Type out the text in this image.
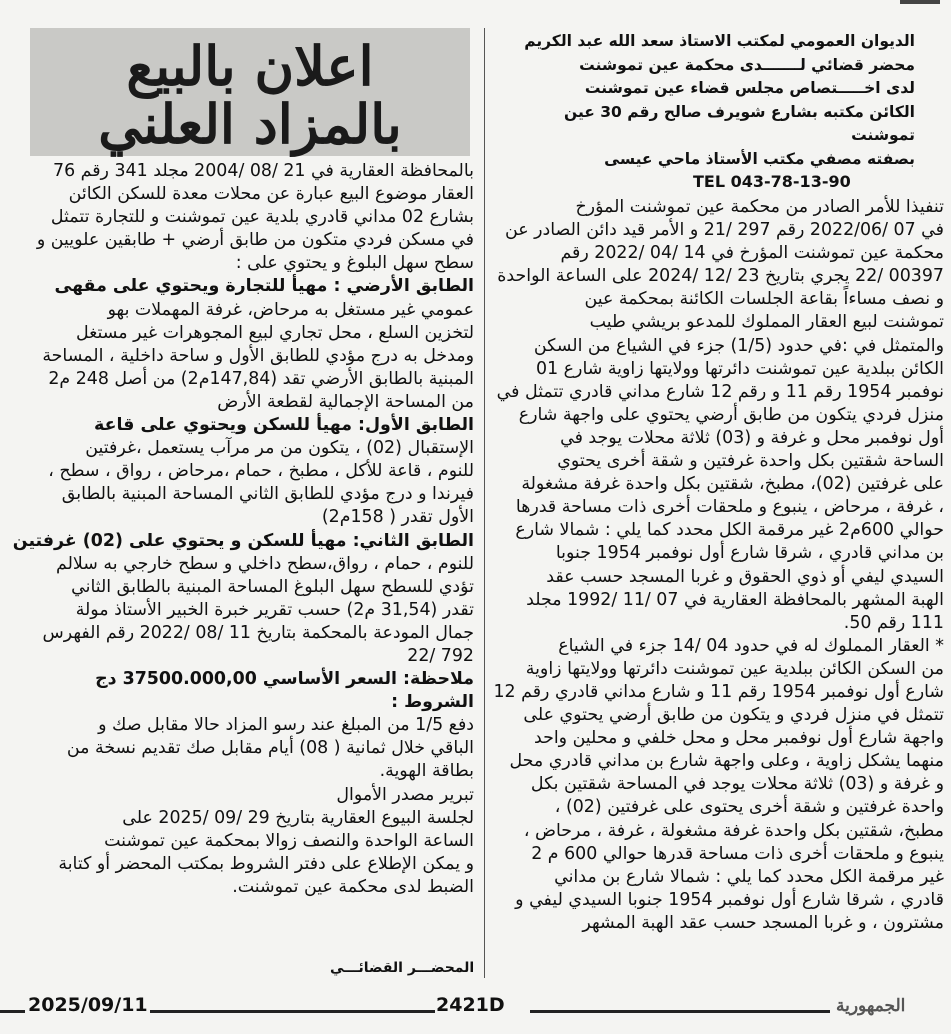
الديوان العمومي لمكتب الاستاذ سعد الله عبد الكريم
محضر قضائي لـــــــدى محكمة عين تموشنت
لدى اخـــــتصاص مجلس قضاء عين تموشنت
الكائن مكتبه بشارع شويرف صالح رقم 30 عين تموشنت
بصفته مصفي مكتب الأستاذ ماحي عيسى
TEL 043-78-13-90
تنفيذا للأمر الصادر من محكمة عين تموشنت المؤرخ
في 07 /2022/06 رقم 297 /21 و الأمر قيد دائن الصادر عن
محكمة عين تموشنت المؤرخ في 14 /04 /2022 رقم
00397 /22 يجري بتاريخ 23 /12 /2024 على الساعة الواحدة
و نصف مساءاً بقاعة الجلسات الكائنة بمحكمة عين
تموشنت لبيع العقار المملوك للمدعو بريشي طيب
والمتمثل في :في حدود (1/5) جزء في الشياع من السكن
الكائن ببلدية عين تموشنت دائرتها وولايتها زاوية شارع 01
نوفمبر 1954 رقم 11 و رقم 12 شارع مداني قادري تتمثل في
منزل فردي يتكون من طابق أرضي يحتوي على واجهة شارع
أول نوفمبر محل و غرفة و (03) ثلاثة محلات يوجد في
الساحة شقتين بكل واحدة غرفتين و شقة أخرى يحتوي
على غرفتين (02)، مطبخ، شقتين بكل واحدة غرفة مشغولة
، غرفة ، مرحاض ، ينبوع و ملحقات أخرى ذات مساحة قدرها
حوالي 600م2 غير مرقمة الكل محدد كما يلي : شمالا شارع
بن مداني قادري ، شرقا شارع أول نوفمبر 1954 جنوبا
السيدي ليفي أو ذوي الحقوق و غربا المسجد حسب عقد
الهبة المشهر بالمحافظة العقارية في 07 /11 /1992 مجلد
111 رقم 50.
* العقار المملوك له في حدود 04 /14 جزء في الشياع
من السكن الكائن ببلدية عين تموشنت دائرتها وولايتها زاوية
شارع أول نوفمبر 1954 رقم 11 و شارع مداني قادري رقم 12
تتمثل في منزل فردي و يتكون من طابق أرضي يحتوي على
واجهة شارع أول نوفمبر محل و محل خلفي و محلين واحد
منهما يشكل زاوية ، وعلى واجهة شارع بن مداني قادري محل
و غرفة و (03) ثلاثة محلات يوجد في المساحة شقتين بكل
واحدة غرفتين و شقة أخرى يحتوى على غرفتين (02) ،
مطبخ، شقتين بكل واحدة غرفة مشغولة ، غرفة ، مرحاض ،
ينبوع و ملحقات أخرى ذات مساحة قدرها حوالي 600 م 2
غير مرقمة الكل محدد كما يلي : شمالا شارع بن مداني
قادري ، شرقا شارع أول نوفمبر 1954 جنوبا السيدي ليفي و
مشترون ، و غربا المسجد حسب عقد الهبة المشهر
اعلان بالبيع
بالمزاد العلني
بالمحافظة العقارية في 21 /08 /2004 مجلد 341 رقم 76
العقار موضوع البيع عبارة عن محلات معدة للسكن الكائن
بشارع 02 مداني قادري بلدية عين تموشنت و للتجارة تتمثل
في مسكن فردي متكون من طابق أرضي + طابقين علويين و
سطح سهل البلوغ و يحتوي على :
الطابق الأرضي : مهيأ للتجارة ويحتوي على مقهى
عمومي غير مستغل به مرحاض، غرفة المهملات بهو
لتخزين السلع ، محل تجاري لبيع المجوهرات غير مستغل
ومدخل به درج مؤدي للطابق الأول و ساحة داخلية ، المساحة
المبنية بالطابق الأرضي تقد (147,84م2) من أصل 248 م2
من المساحة الإجمالية لقطعة الأرض
الطابق الأول: مهيأ للسكن ويحتوي على قاعة
الإستقبال (02) ، يتكون من مر مرآب يستعمل ،غرفتين
للنوم ، قاعة للأكل ، مطبخ ، حمام ،مرحاض ، رواق ، سطح ،
فيرندا و درج مؤدي للطابق الثاني المساحة المبنية بالطابق
الأول تقدر ( 158م2)
الطابق الثاني: مهيأ للسكن و يحتوي على (02) غرفتين
للنوم ، حمام ، رواق،سطح داخلي و سطح خارجي به سلالم
تؤدي للسطح سهل البلوغ المساحة المبنية بالطابق الثاني
تقدر (31,54 م2) حسب تقرير خبرة الخبير الأستاذ مولة
جمال المودعة بالمحكمة بتاريخ 11 /08 /2022 رقم الفهرس
792 /22
ملاحظة: السعر الأساسي 37500.000,00 دج
الشروط :
دفع 1/5 من المبلغ عند رسو المزاد حالا مقابل صك و
الباقي خلال ثمانية ( 08) أيام مقابل صك تقديم نسخة من
بطاقة الهوية.
تبرير مصدر الأموال
لجلسة البيوع العقارية بتاريخ 29 /09 /2025 على
الساعة الواحدة والنصف زوالا بمحكمة عين تموشنت
و يمكن الإطلاع على دفتر الشروط بمكتب المحضر أو كتابة
الضبط لدى محكمة عين تموشنت.
المحضـــر القضائـــي
2025/09/11	2421D	الجمهورية
